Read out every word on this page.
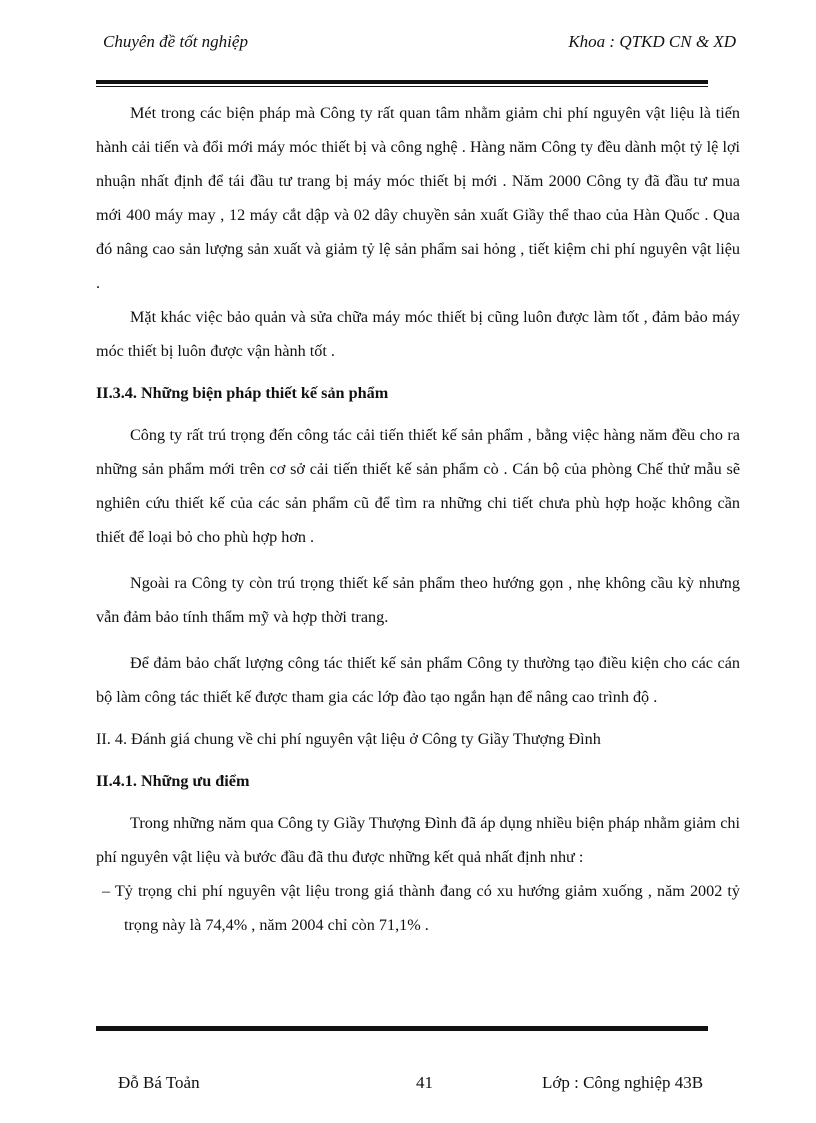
Chuyên đề tốt nghiệp	Khoa : QTKD CN & XD

Mét trong các biện pháp mà Công ty rất quan tâm nhằm giảm chi phí nguyên vật liệu là tiến hành cải tiến và đổi mới máy móc thiết bị và công nghệ . Hàng năm Công ty đều dành một tỷ lệ lợi nhuận nhất định để tái đầu tư trang bị máy móc thiết bị mới . Năm 2000 Công ty đã đầu tư mua mới 400 máy may , 12 máy cắt dập và 02 dây chuyền sản xuất Giầy thể thao của Hàn Quốc . Qua đó nâng cao sản lượng sản xuất và giảm tỷ lệ sản phẩm sai hỏng , tiết kiệm chi phí nguyên vật liệu .

Mặt khác việc bảo quản và sửa chữa máy móc thiết bị cũng luôn được làm tốt , đảm bảo máy móc thiết bị luôn được vận hành tốt .

II.3.4. Những biện pháp thiết kế sản phẩm

Công ty rất trú trọng đến công tác cải tiến thiết kế sản phẩm , bằng việc hàng năm đều cho ra những sản phẩm mới trên cơ sở cải tiến thiết kế sản phẩm cò . Cán bộ của phòng Chế thử mẫu sẽ nghiên cứu thiết kế của các sản phẩm cũ để tìm ra những chi tiết chưa phù hợp hoặc không cần thiết để loại bỏ cho phù hợp hơn .

Ngoài ra Công ty còn trú trọng thiết kế sản phẩm theo hướng gọn , nhẹ không cầu kỳ nhưng vẫn đảm bảo tính thẩm mỹ và hợp thời trang.

Để đảm bảo chất lượng công tác thiết kế sản phẩm Công ty thường tạo điều kiện cho các cán bộ làm công tác thiết kế được tham gia các lớp đào tạo ngắn hạn để nâng cao trình độ .

II. 4. Đánh giá chung về chi phí nguyên vật liệu ở Công ty Giầy Thượng Đình

II.4.1. Những ưu điểm

Trong những năm qua Công ty Giầy Thượng Đình đã áp dụng nhiều biện pháp nhằm giảm chi phí nguyên vật liệu và bước đầu đã thu được những kết quả nhất định như :

– Tỷ trọng chi phí nguyên vật liệu trong giá thành đang có xu hướng giảm xuống , năm 2002 tỷ trọng này là 74,4% , năm 2004 chỉ còn 71,1% .

Đỗ Bá Toản	41	Lớp : Công nghiệp 43B
